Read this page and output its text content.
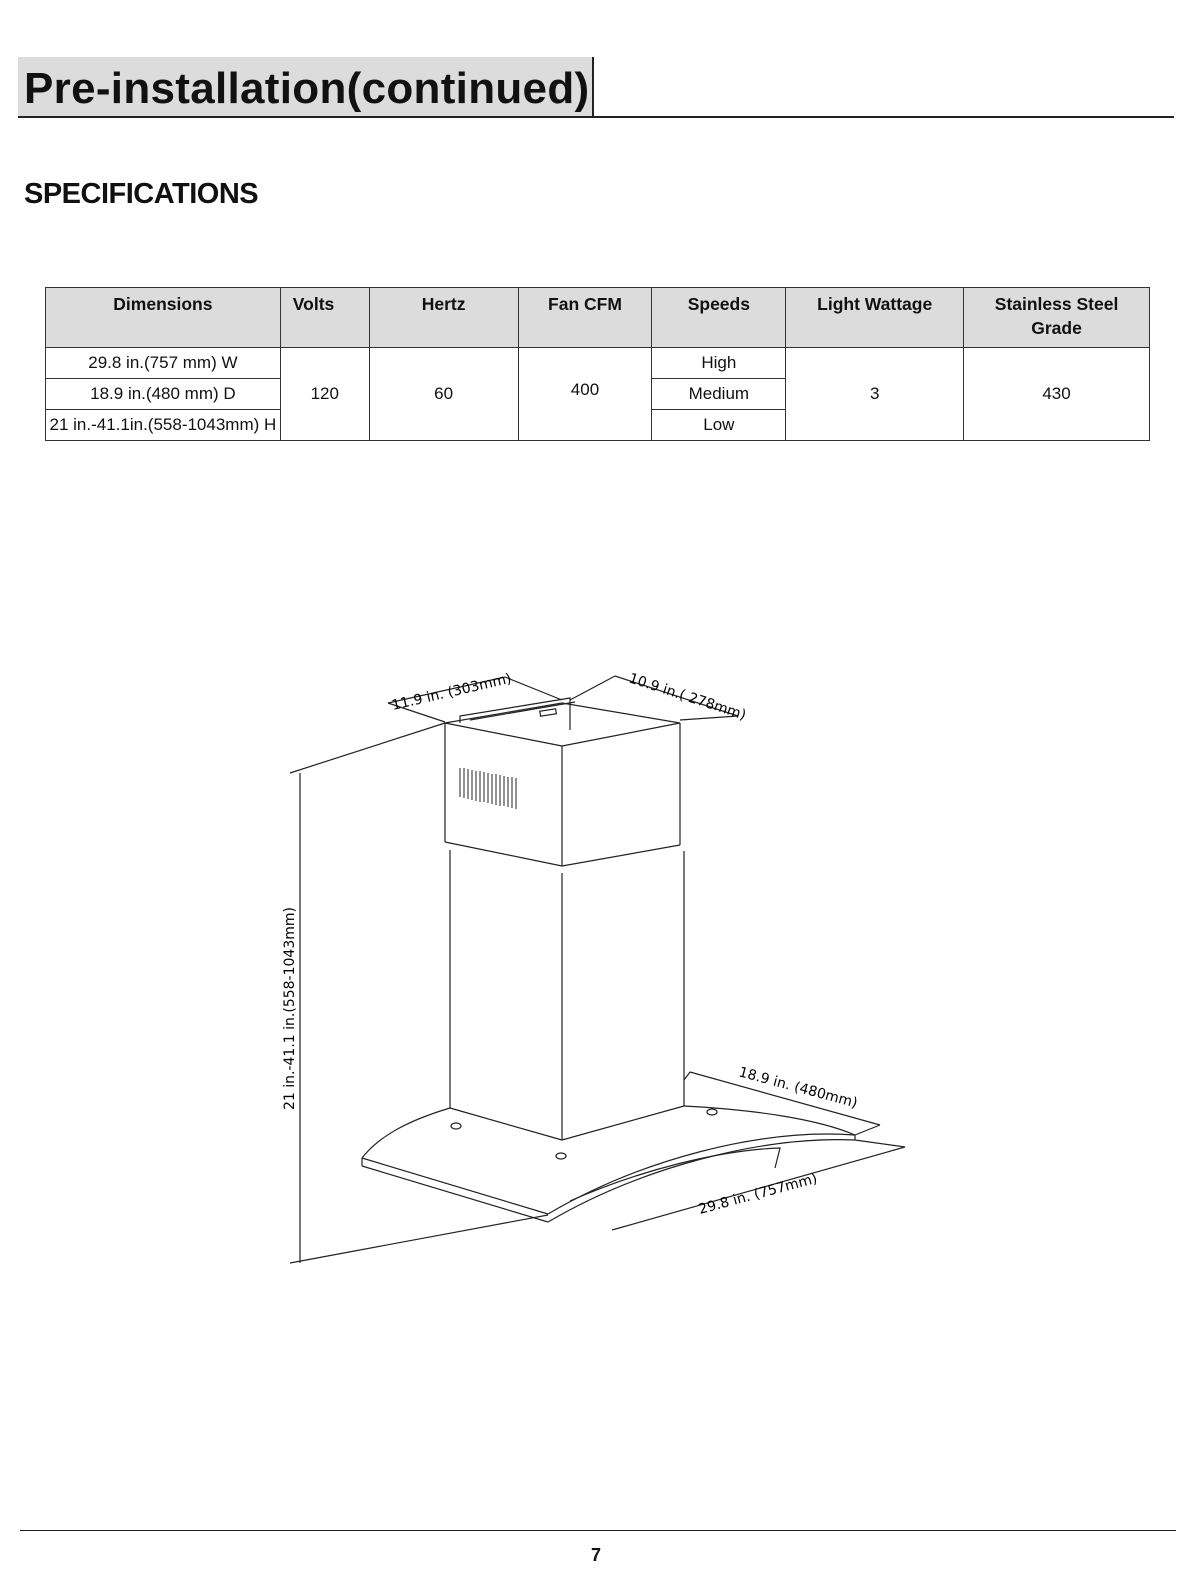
Pre-installation(continued)
SPECIFICATIONS
Dimensions	Volts	Hertz	Fan CFM	Speeds	Light Wattage	Stainless Steel Grade
29.8 in.(757 mm) W	120	60	400	High	3	430
18.9 in.(480 mm) D				Medium		
21 in.-41.1in.(558-1043mm) H				Low		
11.9 in. (303mm)	10.9 in.( 278mm)
21 in.-41.1 in.(558-1043mm)	18.9 in. (480mm)
29.8 in. (757mm)
7
